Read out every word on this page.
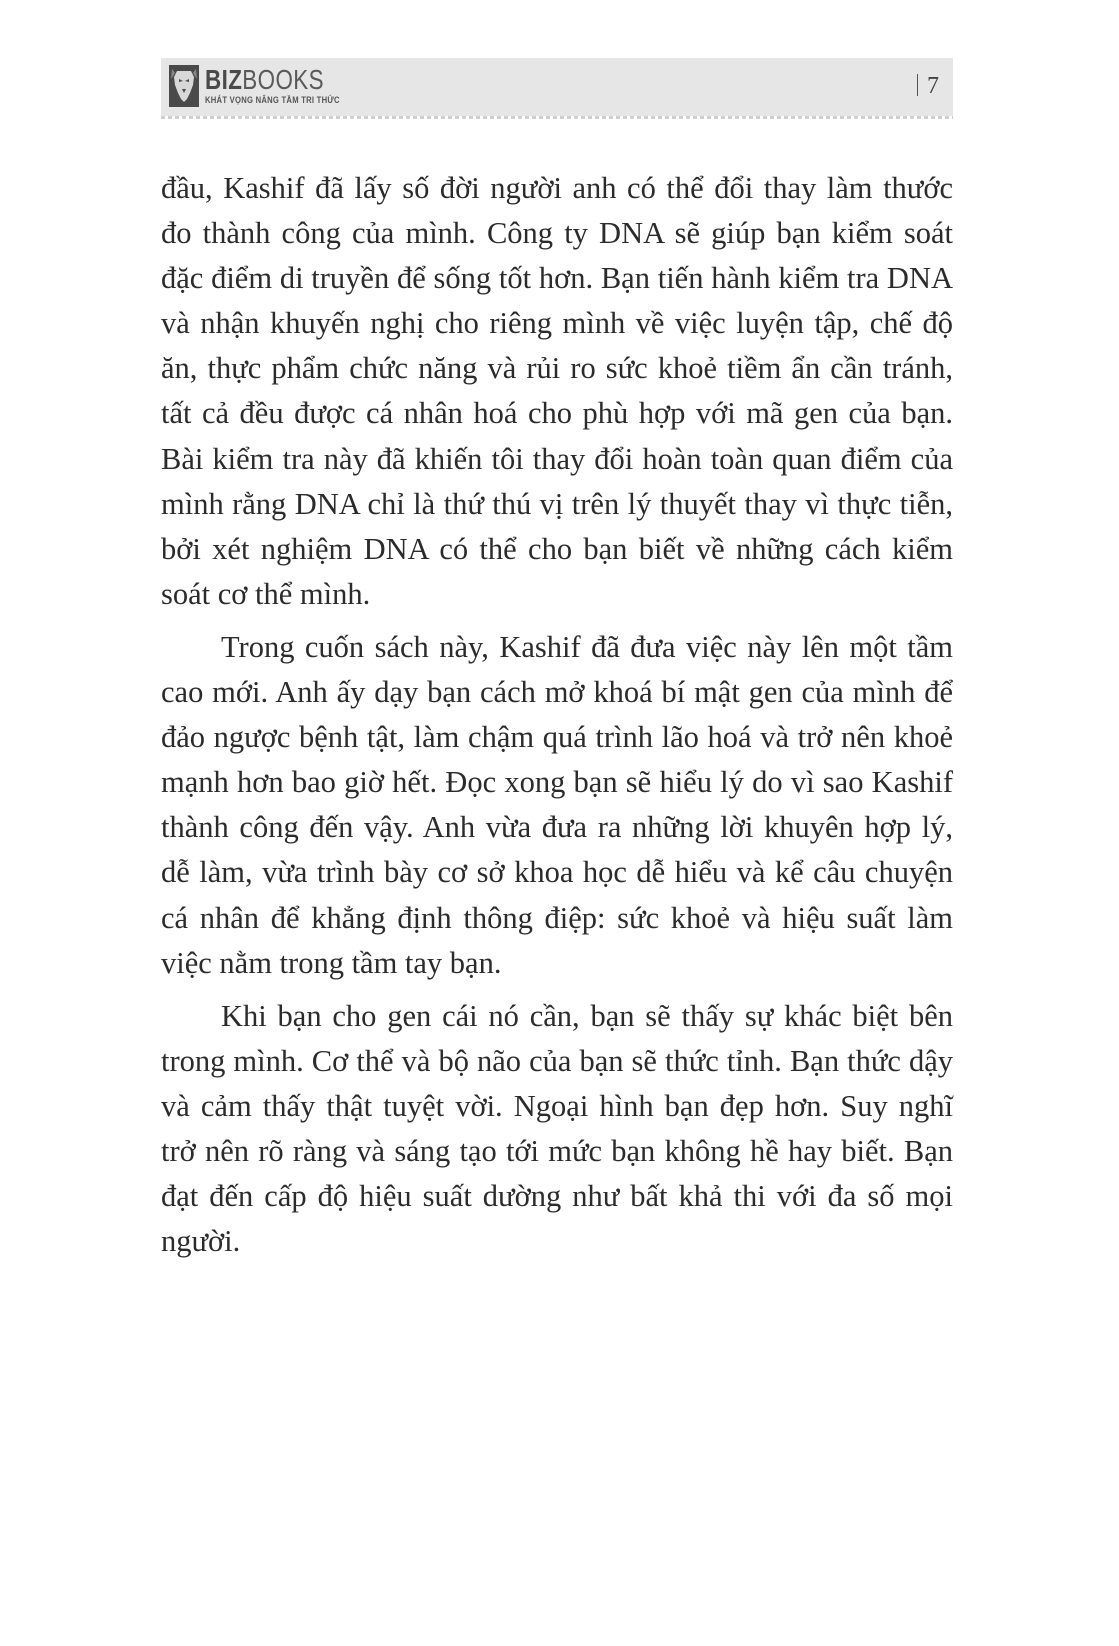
BIZBOOKS
KHÁT VỌNG NÂNG TẦM TRI THỨC
7

đầu, Kashif đã lấy số đời người anh có thể đổi thay làm thước đo thành công của mình. Công ty DNA sẽ giúp bạn kiểm soát đặc điểm di truyền để sống tốt hơn. Bạn tiến hành kiểm tra DNA và nhận khuyến nghị cho riêng mình về việc luyện tập, chế độ ăn, thực phẩm chức năng và rủi ro sức khoẻ tiềm ẩn cần tránh, tất cả đều được cá nhân hoá cho phù hợp với mã gen của bạn. Bài kiểm tra này đã khiến tôi thay đổi hoàn toàn quan điểm của mình rằng DNA chỉ là thứ thú vị trên lý thuyết thay vì thực tiễn, bởi xét nghiệm DNA có thể cho bạn biết về những cách kiểm soát cơ thể mình.

Trong cuốn sách này, Kashif đã đưa việc này lên một tầm cao mới. Anh ấy dạy bạn cách mở khoá bí mật gen của mình để đảo ngược bệnh tật, làm chậm quá trình lão hoá và trở nên khoẻ mạnh hơn bao giờ hết. Đọc xong bạn sẽ hiểu lý do vì sao Kashif thành công đến vậy. Anh vừa đưa ra những lời khuyên hợp lý, dễ làm, vừa trình bày cơ sở khoa học dễ hiểu và kể câu chuyện cá nhân để khẳng định thông điệp: sức khoẻ và hiệu suất làm việc nằm trong tầm tay bạn.

Khi bạn cho gen cái nó cần, bạn sẽ thấy sự khác biệt bên trong mình. Cơ thể và bộ não của bạn sẽ thức tỉnh. Bạn thức dậy và cảm thấy thật tuyệt vời. Ngoại hình bạn đẹp hơn. Suy nghĩ trở nên rõ ràng và sáng tạo tới mức bạn không hề hay biết. Bạn đạt đến cấp độ hiệu suất dường như bất khả thi với đa số mọi người.
